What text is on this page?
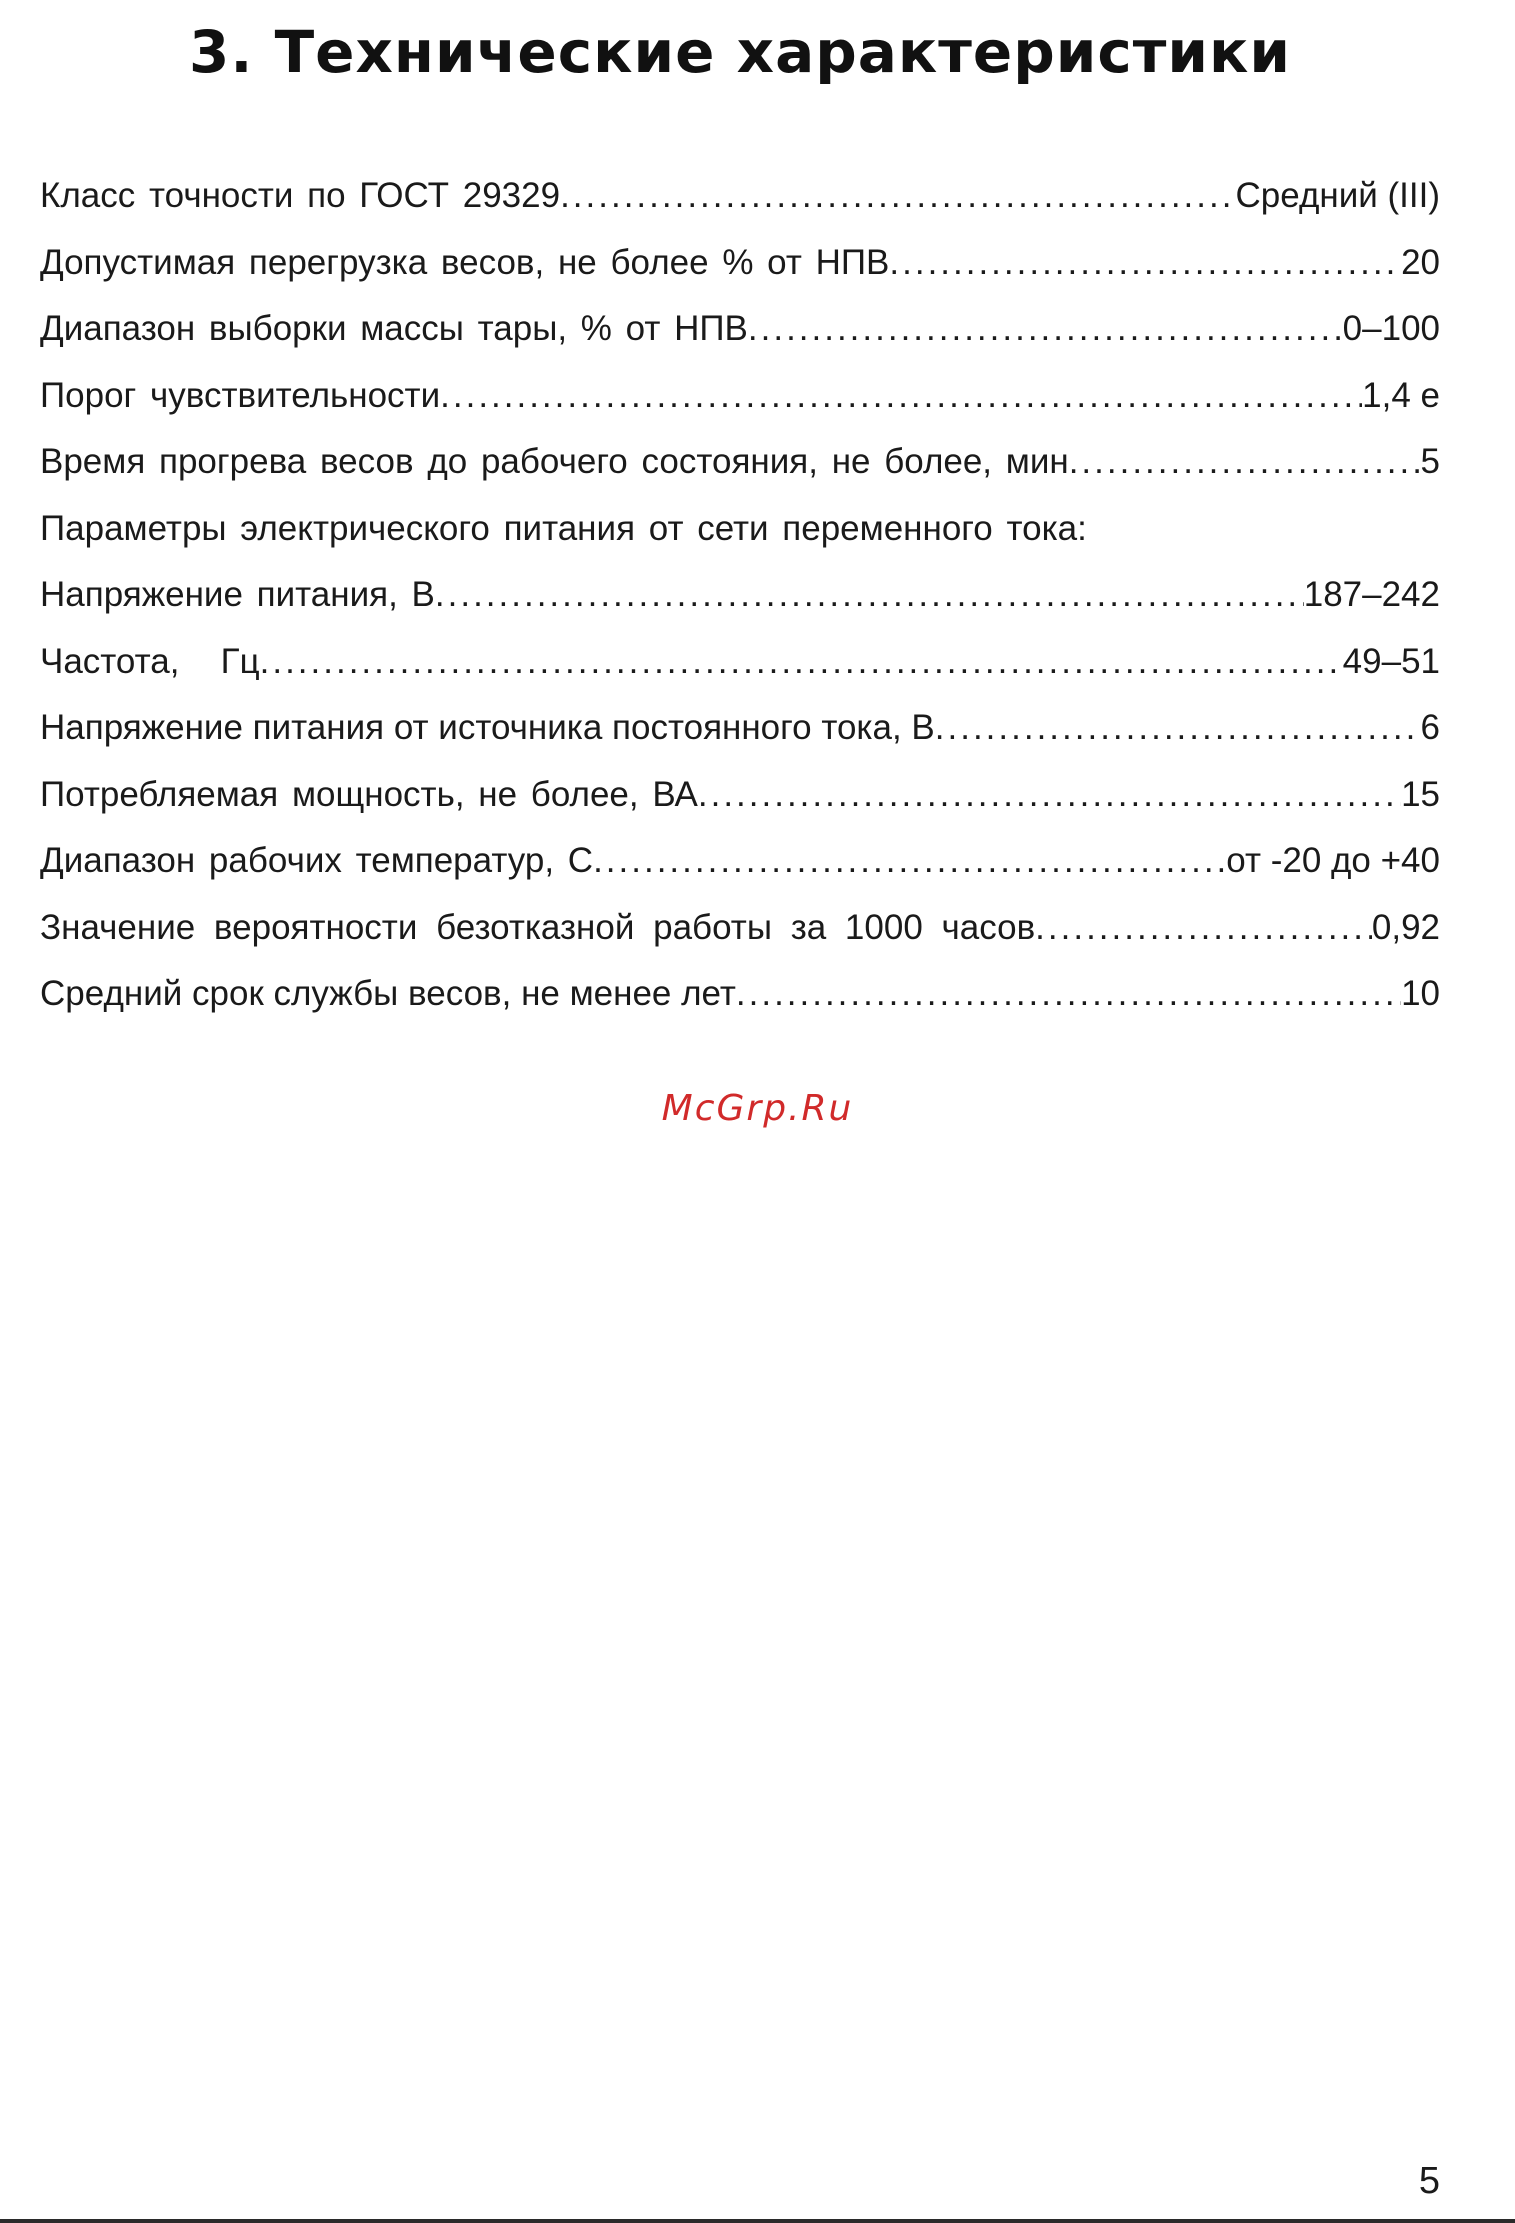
3. Технические характеристики
Класс точности по ГОСТ 29329 .....	Средний (III)
Допустимая перегрузка весов, не более % от НПВ .....	20
Диапазон выборки массы тары, % от НПВ .....	0–100
Порог чувствительности .....	1,4 е
Время прогрева весов до рабочего состояния, не более, мин .....	5
Параметры электрического питания от сети переменного тока:
Напряжение питания, В .....	187–242
Частота,   Гц .....	49–51
Напряжение питания от источника постоянного тока, В .....	6
Потребляемая мощность, не более, ВА .....	15
Диапазон рабочих температур, С .....	от -20 до +40
Значение вероятности безотказной работы за 1000 часов .....	0,92
Средний срок службы весов, не менее лет .....	10
McGrp.Ru
5
